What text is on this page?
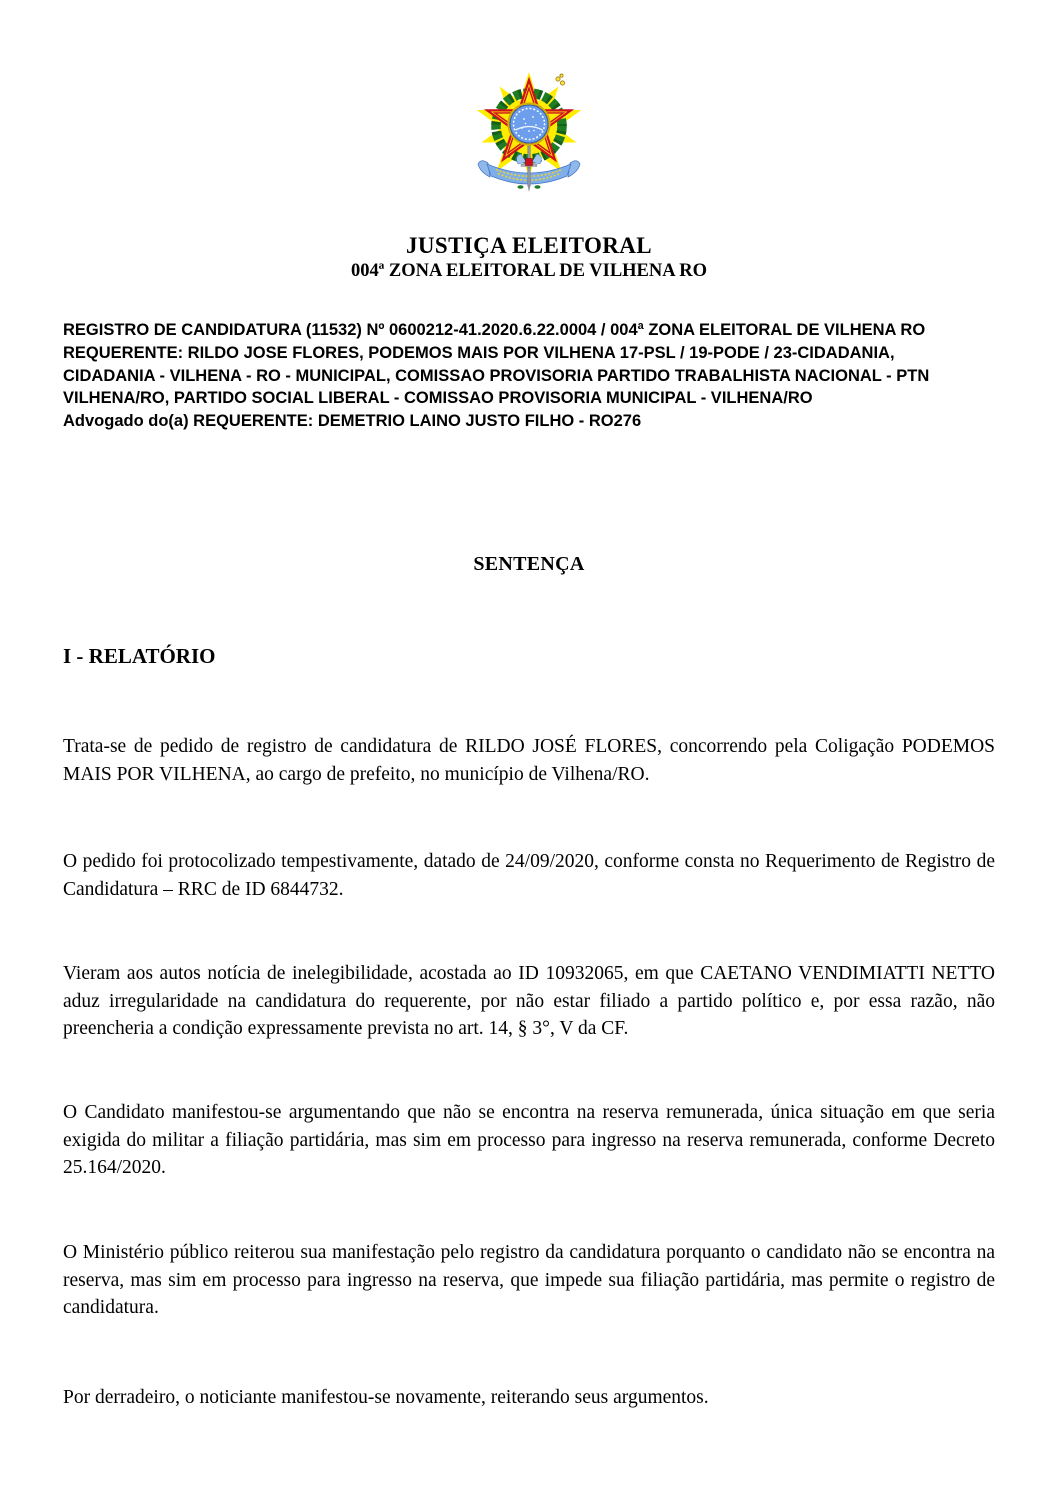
JUSTIÇA ELEITORAL
004ª ZONA ELEITORAL DE VILHENA RO
REGISTRO DE CANDIDATURA (11532) Nº 0600212-41.2020.6.22.0004 / 004ª ZONA ELEITORAL DE VILHENA RO
REQUERENTE: RILDO JOSE FLORES, PODEMOS MAIS POR VILHENA 17-PSL / 19-PODE / 23-CIDADANIA,
CIDADANIA - VILHENA - RO - MUNICIPAL, COMISSAO PROVISORIA PARTIDO TRABALHISTA NACIONAL - PTN
VILHENA/RO, PARTIDO SOCIAL LIBERAL - COMISSAO PROVISORIA MUNICIPAL - VILHENA/RO
Advogado do(a) REQUERENTE: DEMETRIO LAINO JUSTO FILHO - RO276
SENTENÇA
I - RELATÓRIO

Trata-se de pedido de registro de candidatura de RILDO JOSÉ FLORES, concorrendo pela Coligação PODEMOS MAIS POR VILHENA, ao cargo de prefeito, no município de Vilhena/RO.

O pedido foi protocolizado tempestivamente, datado de 24/09/2020, conforme consta no Requerimento de Registro de Candidatura – RRC de ID 6844732.

Vieram aos autos notícia de inelegibilidade, acostada ao ID 10932065, em que CAETANO VENDIMIATTI NETTO aduz irregularidade na candidatura do requerente, por não estar filiado a partido político e, por essa razão, não preencheria a condição expressamente prevista no art. 14, § 3°, V da CF.

O Candidato manifestou-se argumentando que não se encontra na reserva remunerada, única situação em que seria exigida do militar a filiação partidária, mas sim em processo para ingresso na reserva remunerada, conforme Decreto 25.164/2020.

O Ministério público reiterou sua manifestação pelo registro da candidatura porquanto o candidato não se encontra na reserva, mas sim em processo para ingresso na reserva, que impede sua filiação partidária, mas permite o registro de candidatura.

Por derradeiro, o noticiante manifestou-se novamente, reiterando seus argumentos.
